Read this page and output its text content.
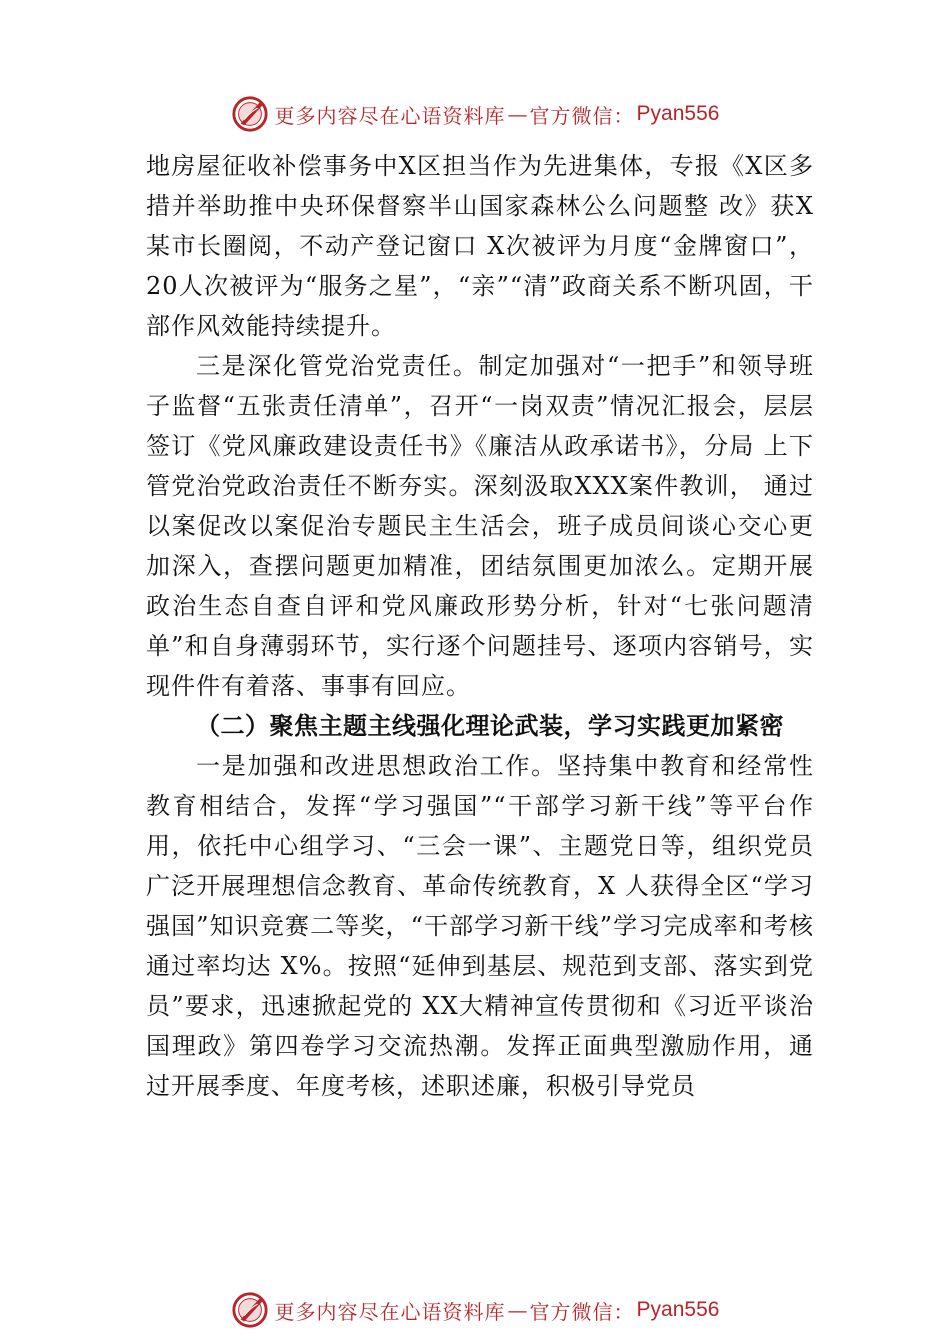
更多内容尽在心语资料库 — 官方微信： Pyan556

地房屋征收补偿事务中X区担当作为先进集体，专报《X区多措并举助推中央环保督察半山国家森林公么问题整 改》获X某市长圈阅，不动产登记窗口 X次被评为月度“金牌窗口”，20人次被评为“服务之星”，“亲”“清”政商关系不断巩固，干部作风效能持续提升。

三是深化管党治党责任。制定加强对“一把手”和领导班子监督“五张责任清单”，召开“一岗双责”情况汇报会，层层签订《党风廉政建设责任书》《廉洁从政承诺书》，分局 上下管党治党政治责任不断夯实。深刻汲取XXX案件教训， 通过以案促改以案促治专题民主生活会，班子成员间谈心交心更加深入，查摆问题更加精准，团结氛围更加浓么。定期开展政治生态自查自评和党风廉政形势分析，针对“七张问题清单”和自身薄弱环节，实行逐个问题挂号、逐项内容销号，实现件件有着落、事事有回应。

（二）聚焦主题主线强化理论武装，学习实践更加紧密

一是加强和改进思想政治工作。坚持集中教育和经常性教育相结合，发挥“学习强国”“干部学习新干线”等平台作用，依托中心组学习、“三会一课”、主题党日等，组织党员广泛开展理想信念教育、革命传统教育，X 人获得全区“学习强国”知识竞赛二等奖，“干部学习新干线”学习完成率和考核通过率均达 X%。按照“延伸到基层、规范到支部、落实到党员”要求，迅速掀起党的 XX大精神宣传贯彻和《习近平谈治国理政》第四卷学习交流热潮。发挥正面典型激励作用，通过开展季度、年度考核，述职述廉，积极引导党员

更多内容尽在心语资料库 — 官方微信： Pyan556
